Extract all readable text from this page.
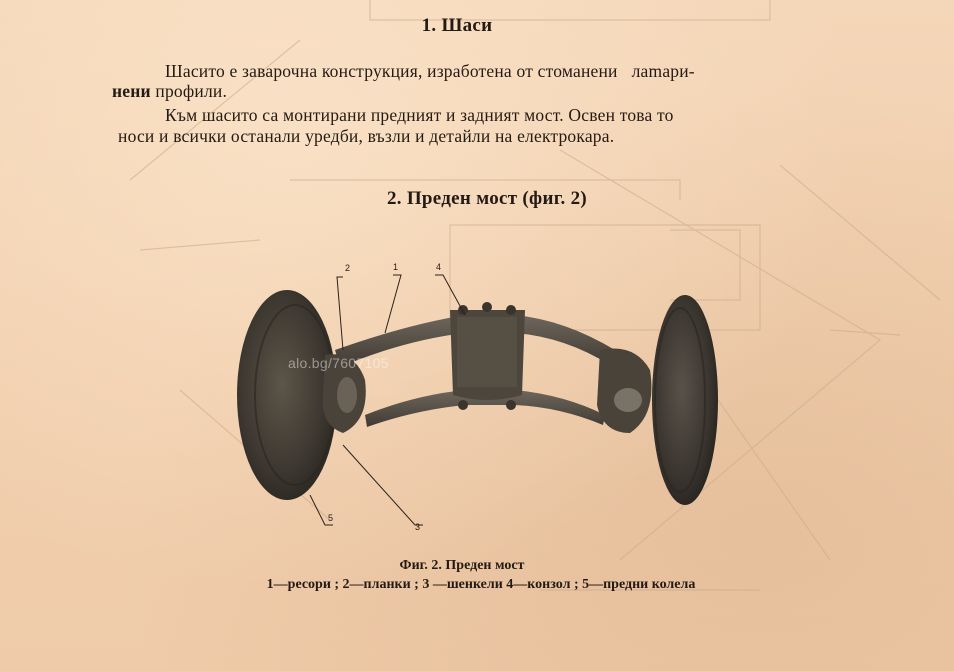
1. Шаси
Шасито е заварочна конструкция, изработена от стоманени лamapи-
нени профили.
Към шасито са монтирани предният и задният мост. Освен това то
носи и всички останали уредби, възли и детайли на електрокара.
2. Преден мост (фиг. 2)
2	1	4
3
5
alo.bg/7607105
Фиг. 2. Преден мост
1—ресори ; 2—планки ; 3 —шенкели 4—конзол ; 5—предни колела
